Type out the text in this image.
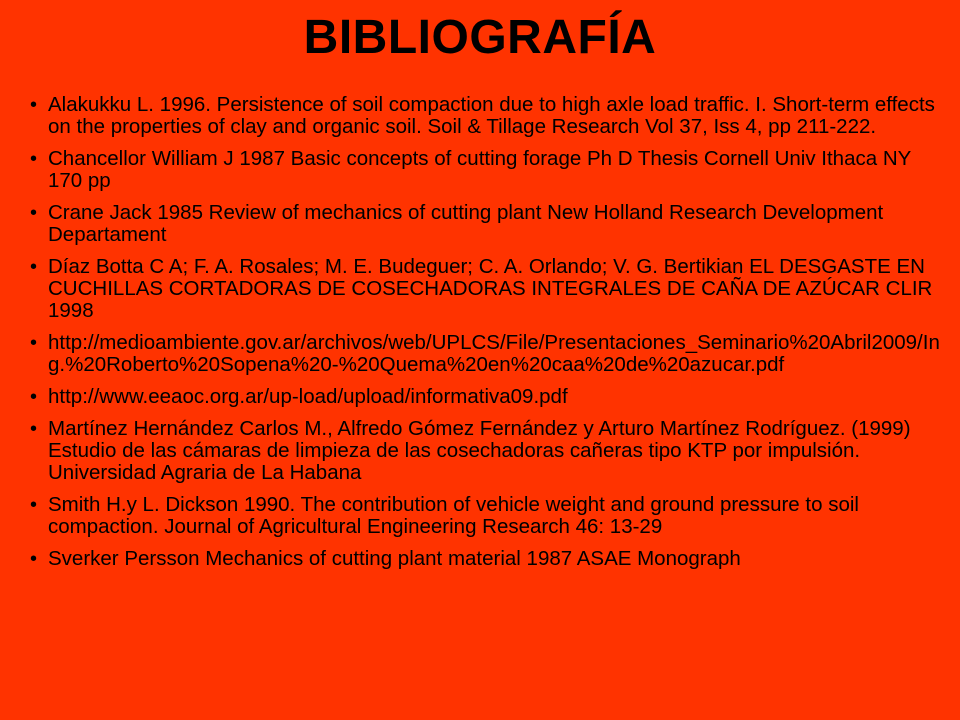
BIBLIOGRAFÍA
• Alakukku L. 1996. Persistence of soil compaction due to high axle load traffic. I. Short-term effects on the properties of clay and organic soil. Soil & Tillage Research Vol 37, Iss 4, pp 211-222.
• Chancellor William J 1987 Basic concepts of cutting forage Ph D Thesis Cornell Univ Ithaca NY 170 pp
• Crane Jack 1985 Review of mechanics of cutting plant New Holland Research Development Departament
• Díaz Botta C A; F. A. Rosales; M. E. Budeguer; C. A. Orlando; V. G. Bertikian EL DESGASTE EN CUCHILLAS CORTADORAS DE COSECHADORAS INTEGRALES DE CAÑA DE AZÚCAR CLIR 1998
• http://medioambiente.gov.ar/archivos/web/UPLCS/File/Presentaciones_Seminario%20Abril2009/Ing.%20Roberto%20Sopena%20-%20Quema%20en%20caa%20de%20azucar.pdf
• http://www.eeaoc.org.ar/up-load/upload/informativa09.pdf
• Martínez Hernández Carlos M., Alfredo Gómez Fernández y Arturo Martínez Rodríguez. (1999) Estudio de las cámaras de limpieza de las cosechadoras cañeras tipo KTP por impulsión. Universidad Agraria de La Habana
• Smith H.y L. Dickson 1990. The contribution of vehicle weight and ground pressure to soil compaction. Journal of Agricultural Engineering Research 46: 13-29
• Sverker Persson Mechanics of cutting plant material 1987 ASAE Monograph
